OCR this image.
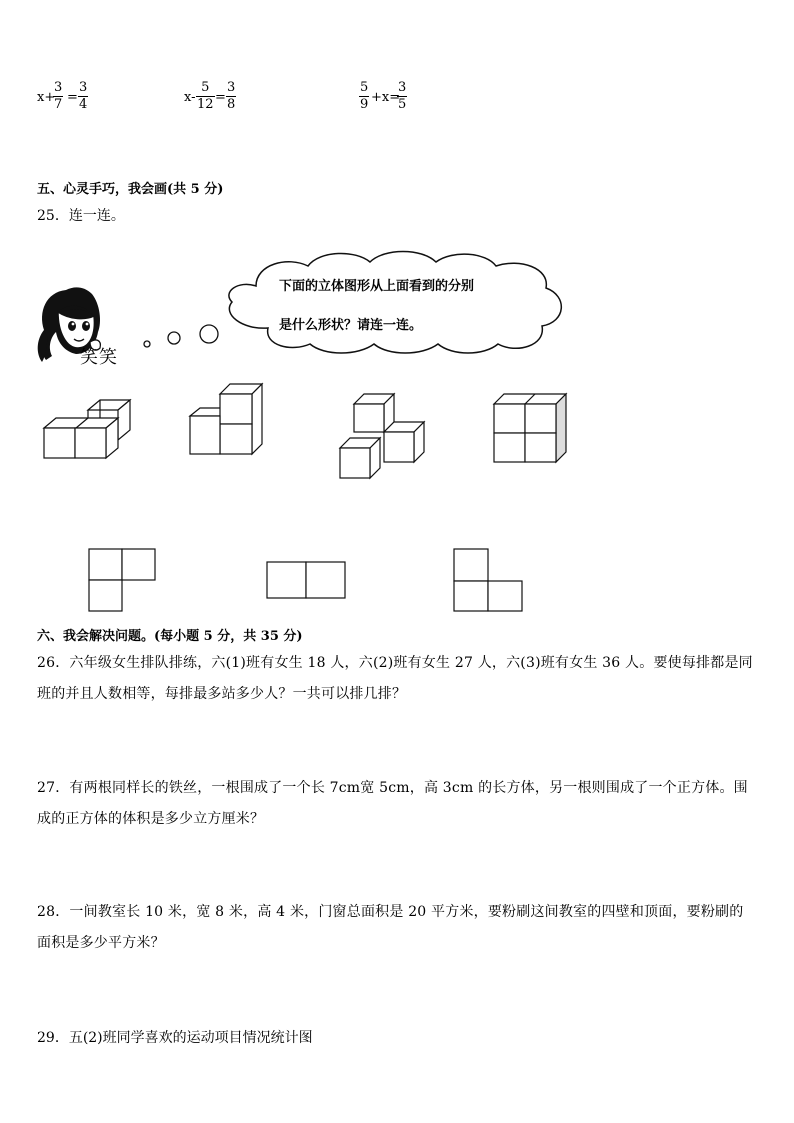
x+
$\frac{3}{7} = \frac{3}{4}$	$x- \frac{5}{12} = \frac{3}{8}$	$\frac{5}{9} +x=$
$\frac{3}{5}$
五、心灵手巧，我会画(共 5 分)
25．连一连。
笑笑
下面的立体图形从上面看到的分别
是什么形状？请连一连。
六、我会解决问题。(每小题 5 分，共 35 分)
26．六年级女生排队排练，六(1)班有女生 18 人，六(2)班有女生 27 人，六(3)班有女生 36 人。要使每排都是同班的并且人数相等，每排最多站多少人？一共可以排几排？
27．有两根同样长的铁丝，一根围成了一个长 7cm宽 5cm，高 3cm 的长方体，另一根则围成了一个正方体。围成的正方体的体积是多少立方厘米？
28．一间教室长 10 米，宽 8 米，高 4 米，门窗总面积是 20 平方米，要粉刷这间教室的四壁和顶面，要粉刷的面积是多少平方米？
29．五(2)班同学喜欢的运动项目情况统计图
